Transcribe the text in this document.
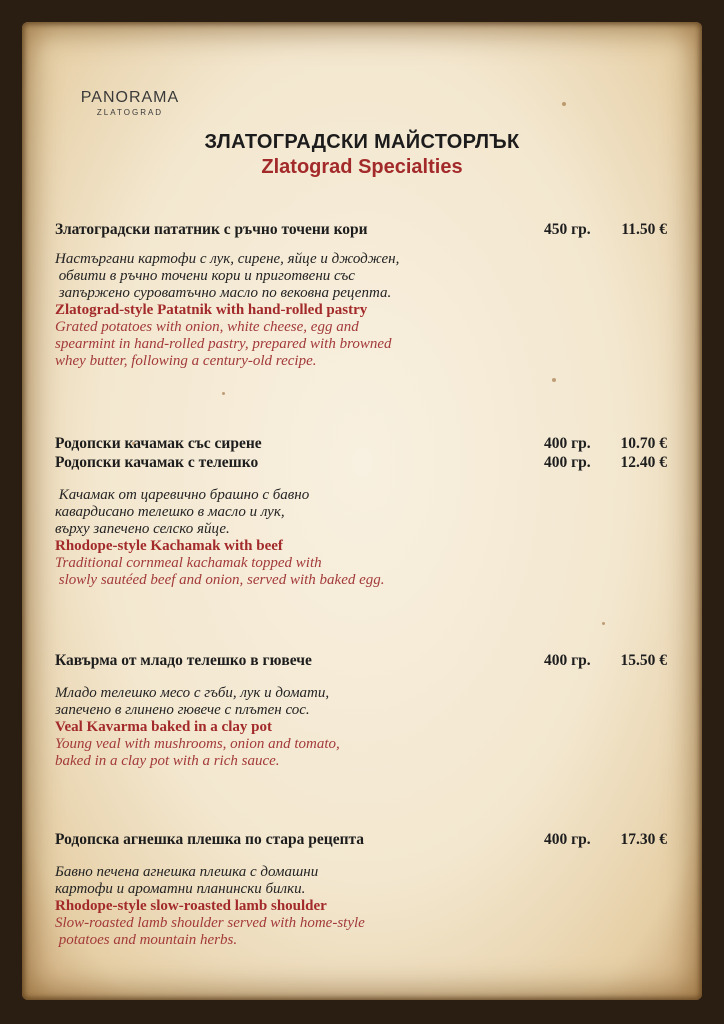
PANORAMA
ZLATOGRAD
ЗЛАТОГРАДСКИ МАЙСТОРЛЪК
Zlatograd Specialties
Златоградски пататник с ръчно точени кори	450 гр. 11.50 €
Настъргани картофи с лук, сирене, яйце и джоджен,
обвити в ръчно точени кори и приготвени със
запържено суроватъчно масло по вековна рецепта.
Zlatograd-style Patatnik with hand-rolled pastry
Grated potatoes with onion, white cheese, egg and
spearmint in hand-rolled pastry, prepared with browned
whey butter, following a century-old recipe.
Родопски качамак със сирене	400 гр. 10.70 €
Родопски качамак с телешко	400 гр. 12.40 €
Качамак от царевично брашно с бавно
кавардисано телешко в масло и лук,
върху запечено селско яйце.
Rhodope-style Kachamak with beef
Traditional cornmeal kachamak topped with
slowly sautéed beef and onion, served with baked egg.
Кавърма от младо телешко в гювече	400 гр. 15.50 €
Младо телешко месо с гъби, лук и домати,
запечено в глинено гювече с плътен сос.
Veal Kavarma baked in a clay pot
Young veal with mushrooms, onion and tomato,
baked in a clay pot with a rich sauce.
Родопска агнешка плешка по стара рецепта	400 гр. 17.30 €
Бавно печена агнешка плешка с домашни
картофи и ароматни планински билки.
Rhodope-style slow-roasted lamb shoulder
Slow-roasted lamb shoulder served with home-style
potatoes and mountain herbs.
